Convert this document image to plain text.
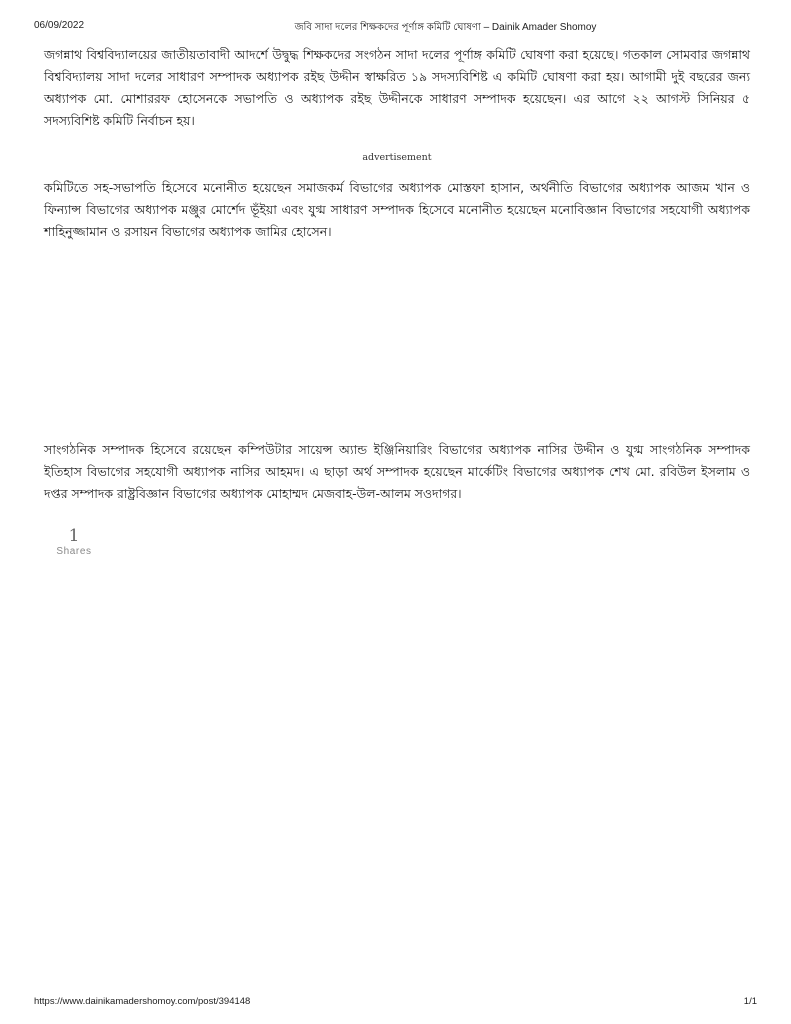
06/09/2022	জবি সাদা দলের শিক্ষকদের পূর্ণাঙ্গ কমিটি ঘোষণা – Dainik Amader Shomoy

জগন্নাথ বিশ্ববিদ্যালয়ের জাতীয়তাবাদী আদর্শে উদ্বুদ্ধ শিক্ষকদের সংগঠন সাদা দলের পূর্ণাঙ্গ কমিটি ঘোষণা করা হয়েছে। গতকাল সোমবার জগন্নাথ বিশ্ববিদ্যালয় সাদা দলের সাধারণ সম্পাদক অধ্যাপক রইছ উদ্দীন স্বাক্ষরিত ১৯ সদস্যবিশিষ্ট এ কমিটি ঘোষণা করা হয়। আগামী দুই বছরের জন্য অধ্যাপক মো. মোশাররফ হোসেনকে সভাপতি ও অধ্যাপক রইছ উদ্দীনকে সাধারণ সম্পাদক হয়েছেন। এর আগে ২২ আগস্ট সিনিয়র ৫ সদস্যবিশিষ্ট কমিটি নির্বাচন হয়।

advertisement

কমিটিতে সহ-সভাপতি হিসেবে মনোনীত হয়েছেন সমাজকর্ম বিভাগের অধ্যাপক মোস্তফা হাসান, অর্থনীতি বিভাগের অধ্যাপক আজম খান ও ফিন্যান্স বিভাগের অধ্যাপক মঞ্জুর মোর্শেদ ভূঁইয়া এবং যুগ্ম সাধারণ সম্পাদক হিসেবে মনোনীত হয়েছেন মনোবিজ্ঞান বিভাগের সহযোগী অধ্যাপক শাহিনুজ্জামান ও রসায়ন বিভাগের অধ্যাপক জামির হোসেন।

সাংগঠনিক সম্পাদক হিসেবে রয়েছেন কম্পিউটার সায়েন্স অ্যান্ড ইঞ্জিনিয়ারিং বিভাগের অধ্যাপক নাসির উদ্দীন ও যুগ্ম সাংগঠনিক সম্পাদক ইতিহাস বিভাগের সহযোগী অধ্যাপক নাসির আহমদ। এ ছাড়া অর্থ সম্পাদক হয়েছেন মার্কেটিং বিভাগের অধ্যাপক শেখ মো. রবিউল ইসলাম ও দপ্তর সম্পাদক রাষ্ট্রবিজ্ঞান বিভাগের অধ্যাপক মোহাম্মদ মেজবাহ-উল-আলম সওদাগর।

1
Shares
https://www.dainikamadershomoy.com/post/394148	1/1
